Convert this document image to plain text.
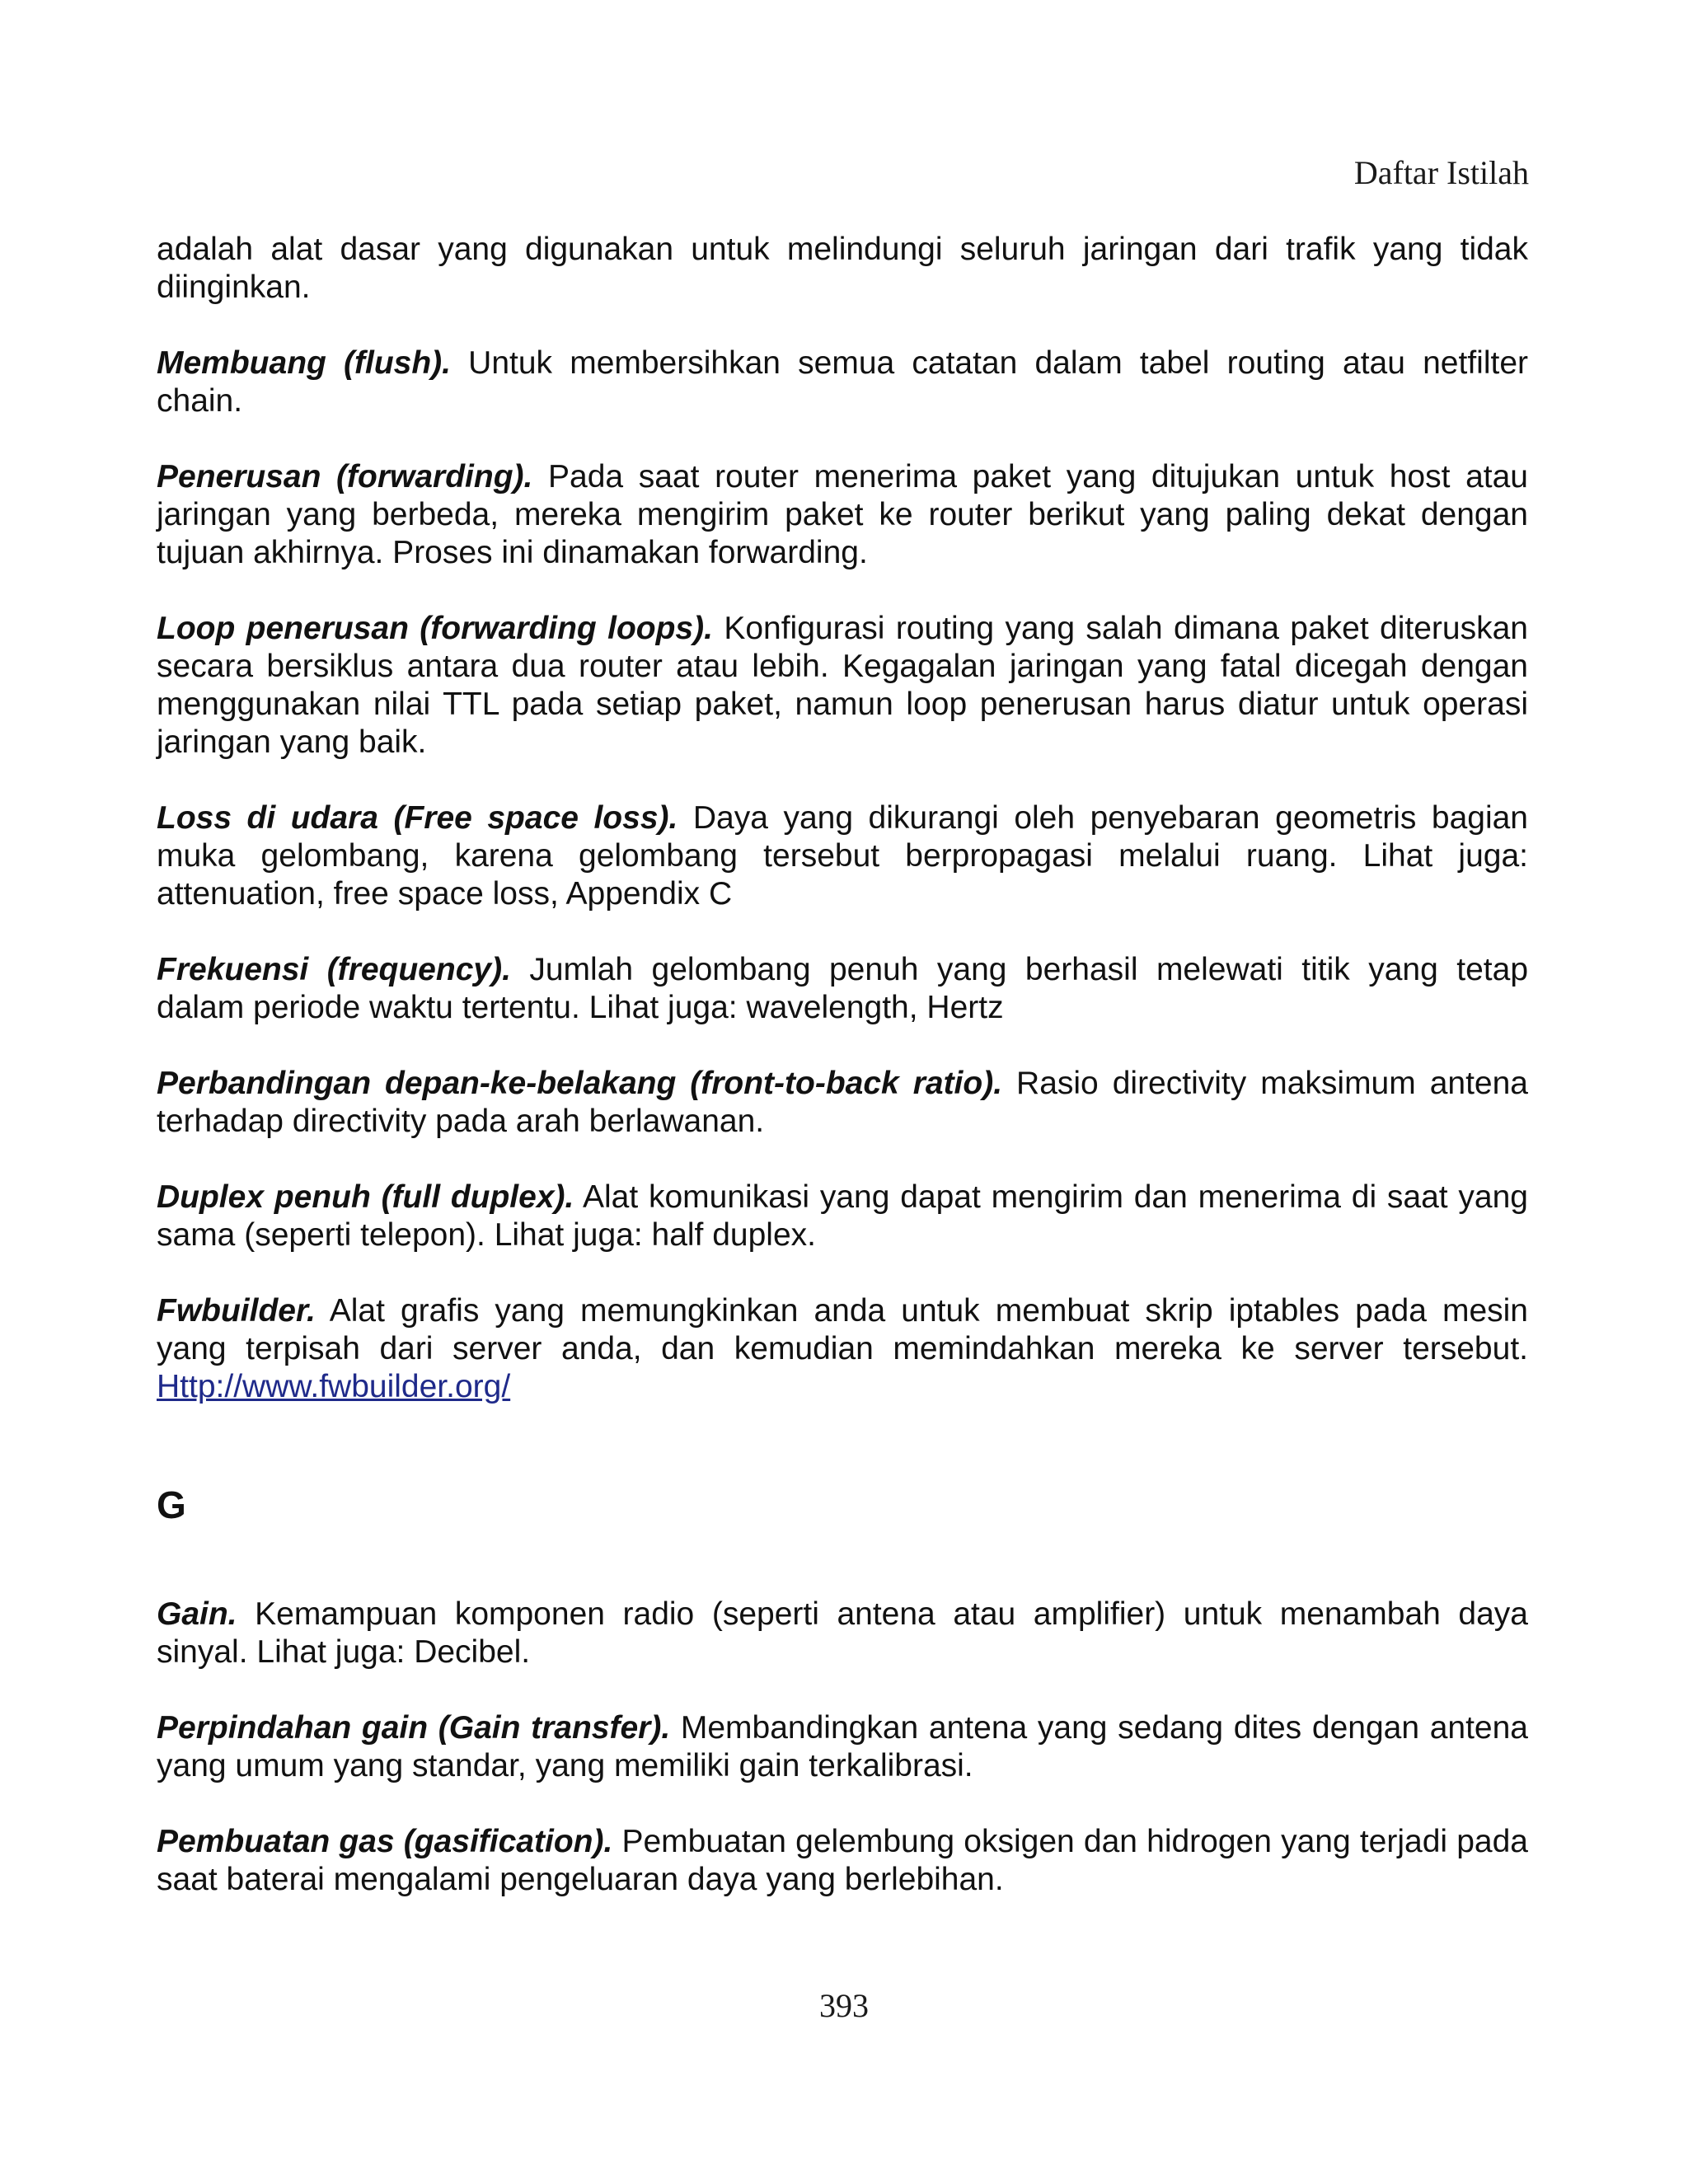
Daftar Istilah

adalah alat dasar yang digunakan untuk melindungi seluruh jaringan dari trafik yang tidak diinginkan.

Membuang (flush). Untuk membersihkan semua catatan dalam tabel routing atau netfilter chain.

Penerusan (forwarding). Pada saat router menerima paket yang ditujukan untuk host atau jaringan yang berbeda, mereka mengirim paket ke router berikut yang paling dekat dengan tujuan akhirnya. Proses ini dinamakan forwarding.

Loop penerusan (forwarding loops). Konfigurasi routing yang salah dimana paket diteruskan secara bersiklus antara dua router atau lebih. Kegagalan jaringan yang fatal dicegah dengan menggunakan nilai TTL pada setiap paket, namun loop penerusan harus diatur untuk operasi jaringan yang baik.

Loss di udara (Free space loss). Daya yang dikurangi oleh penyebaran geometris bagian muka gelombang, karena gelombang tersebut berpropagasi melalui ruang. Lihat juga: attenuation, free space loss, Appendix C

Frekuensi (frequency). Jumlah gelombang penuh yang berhasil melewati titik yang tetap dalam periode waktu tertentu. Lihat juga: wavelength, Hertz

Perbandingan depan-ke-belakang (front-to-back ratio). Rasio directivity maksimum antena terhadap directivity pada arah berlawanan.

Duplex penuh (full duplex). Alat komunikasi yang dapat mengirim dan menerima di saat yang sama (seperti telepon). Lihat juga: half duplex.

Fwbuilder. Alat grafis yang memungkinkan anda untuk membuat skrip iptables pada mesin yang terpisah dari server anda, dan kemudian memindahkan mereka ke server tersebut. Http://www.fwbuilder.org/

G

Gain. Kemampuan komponen radio (seperti antena atau amplifier) untuk menambah daya sinyal. Lihat juga: Decibel.

Perpindahan gain (Gain transfer). Membandingkan antena yang sedang dites dengan antena yang umum yang standar, yang memiliki gain terkalibrasi.

Pembuatan gas (gasification). Pembuatan gelembung oksigen dan hidrogen yang terjadi pada saat baterai mengalami pengeluaran daya yang berlebihan.

393
